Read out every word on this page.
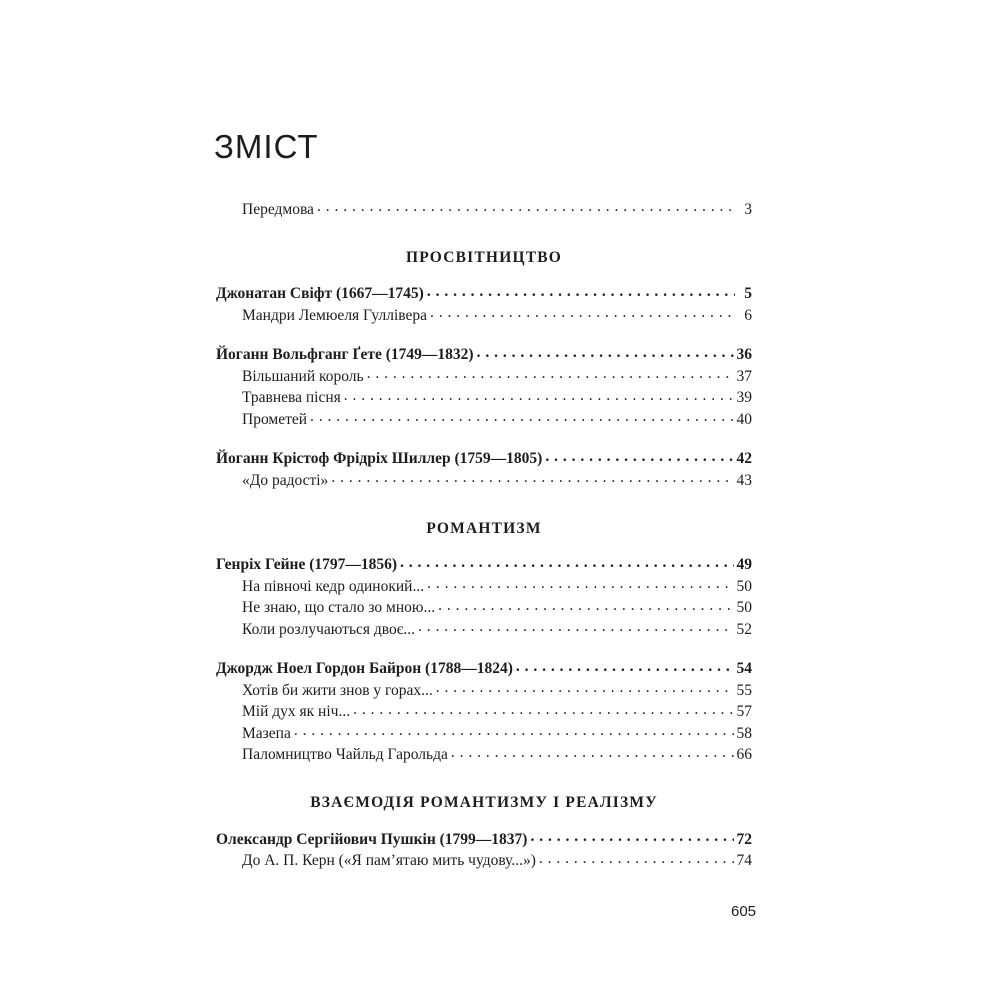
ЗМІСТ
Передмова . . .	3
ПРОСВІТНИЦТВО
Джонатан Свіфт (1667—1745) . . .	5
Мандри Лемюеля Гуллівера . . .	6
Йоганн Вольфганг Ґете (1749—1832) . . .	36
Вільшаний король . . .	37
Травнева пісня . . .	39
Прометей . . .	40
Йоганн Крістоф Фрідріх Шиллер (1759—1805) . . .	42
«До радості» . . .	43
РОМАНТИЗМ
Генріх Гейне (1797—1856) . . .	49
На півночі кедр одинокий... . . .	50
Не знаю, що стало зо мною... . . .	50
Коли розлучаються двоє... . . .	52
Джордж Ноел Гордон Байрон (1788—1824) . . .	54
Хотів би жити знов у горах... . . .	55
Мій дух як ніч... . . .	57
Мазепа . . .	58
Паломництво Чайльд Гарольда . . .	66
ВЗАЄМОДІЯ РОМАНТИЗМУ І РЕАЛІЗМУ
Олександр Сергійович Пушкін (1799—1837) . . .	72
До А. П. Керн («Я пам’ятаю мить чудову...») . . .	74
605
